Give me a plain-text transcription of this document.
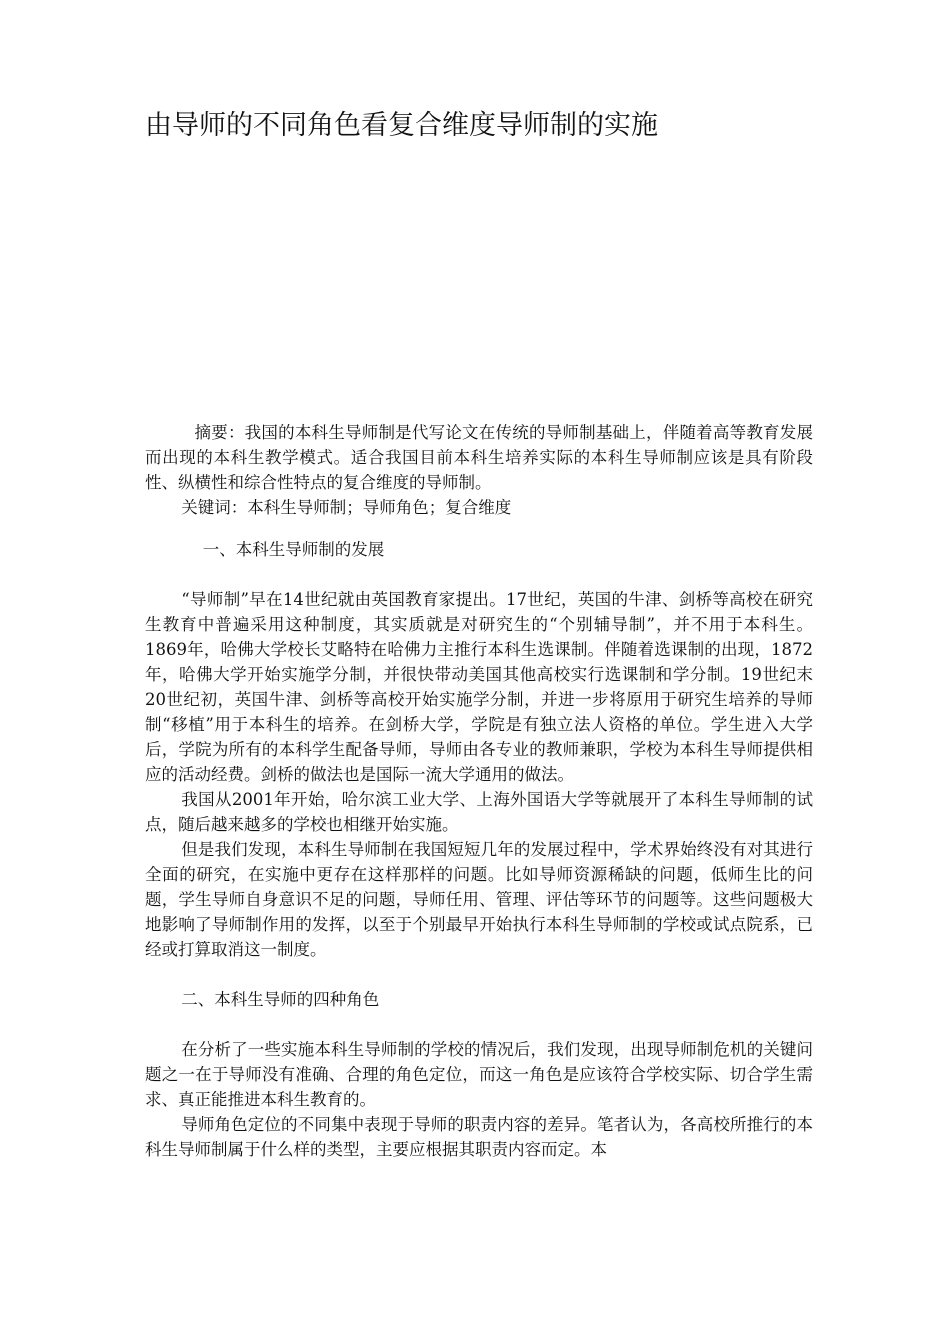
由导师的不同角色看复合维度导师制的实施

摘要：我国的本科生导师制是代写论文在传统的导师制基础上，伴随着高等教育发展而出现的本科生教学模式。适合我国目前本科生培养实际的本科生导师制应该是具有阶段性、纵横性和综合性特点的复合维度的导师制。

关键词：本科生导师制；导师角色；复合维度

一、本科生导师制的发展

“导师制”早在14世纪就由英国教育家提出。17世纪，英国的牛津、剑桥等高校在研究生教育中普遍采用这种制度，其实质就是对研究生的“个别辅导制”，并不用于本科生。1869年，哈佛大学校长艾略特在哈佛力主推行本科生选课制。伴随着选课制的出现，1872年，哈佛大学开始实施学分制，并很快带动美国其他高校实行选课制和学分制。19世纪末20世纪初，英国牛津、剑桥等高校开始实施学分制，并进一步将原用于研究生培养的导师制“移植”用于本科生的培养。在剑桥大学，学院是有独立法人资格的单位。学生进入大学后，学院为所有的本科学生配备导师，导师由各专业的教师兼职，学校为本科生导师提供相应的活动经费。剑桥的做法也是国际一流大学通用的做法。

我国从2001年开始，哈尔滨工业大学、上海外国语大学等就展开了本科生导师制的试点，随后越来越多的学校也相继开始实施。

但是我们发现，本科生导师制在我国短短几年的发展过程中，学术界始终没有对其进行全面的研究，在实施中更存在这样那样的问题。比如导师资源稀缺的问题，低师生比的问题，学生导师自身意识不足的问题，导师任用、管理、评估等环节的问题等。这些问题极大地影响了导师制作用的发挥，以至于个别最早开始执行本科生导师制的学校或试点院系，已经或打算取消这一制度。

二、本科生导师的四种角色

在分析了一些实施本科生导师制的学校的情况后，我们发现，出现导师制危机的关键问题之一在于导师没有准确、合理的角色定位，而这一角色是应该符合学校实际、切合学生需求、真正能推进本科生教育的。

导师角色定位的不同集中表现于导师的职责内容的差异。笔者认为，各高校所推行的本科生导师制属于什么样的类型，主要应根据其职责内容而定。本
